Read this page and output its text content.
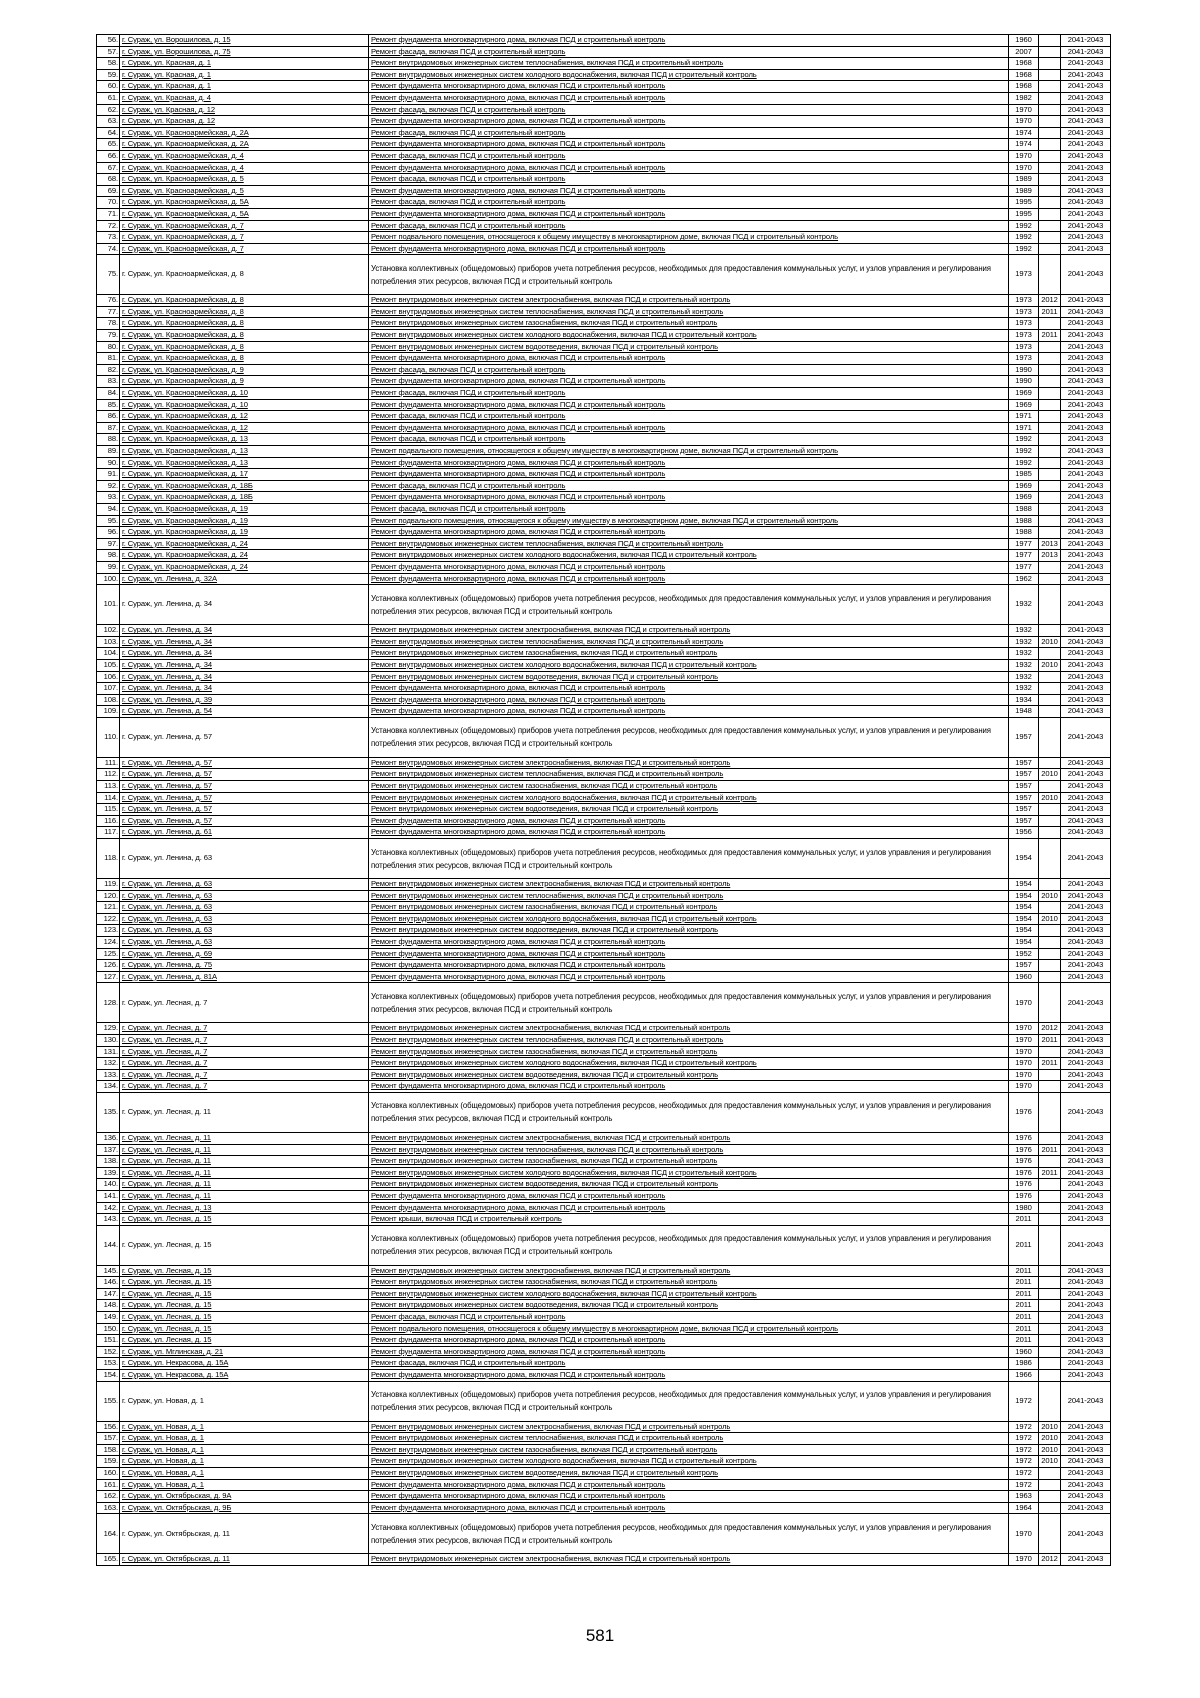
56.	г. Сураж, ул. Ворошилова, д. 15	Ремонт фундамента многоквартирного дома, включая ПСД и строительный контроль	1960		2041-2043	
57.	г. Сураж, ул. Ворошилова, д. 75	Ремонт фасада, включая ПСД и строительный контроль	2007		2041-2043	
58.	г. Сураж, ул. Красная, д. 1	Ремонт внутридомовых инженерных систем теплоснабжения, включая ПСД и строительный контроль	1968		2041-2043	
59.	г. Сураж, ул. Красная, д. 1	Ремонт внутридомовых инженерных систем холодного водоснабжения, включая ПСД и строительный контроль	1968		2041-2043	
60.	г. Сураж, ул. Красная, д. 1	Ремонт фундамента многоквартирного дома, включая ПСД и строительный контроль	1968		2041-2043	
61.	г. Сураж, ул. Красная, д. 4	Ремонт фундамента многоквартирного дома, включая ПСД и строительный контроль	1982		2041-2043	
62.	г. Сураж, ул. Красная, д. 12	Ремонт фасада, включая ПСД и строительный контроль	1970		2041-2043	
63.	г. Сураж, ул. Красная, д. 12	Ремонт фундамента многоквартирного дома, включая ПСД и строительный контроль	1970		2041-2043	
64.	г. Сураж, ул. Красноармейская, д. 2А	Ремонт фасада, включая ПСД и строительный контроль	1974		2041-2043	
65.	г. Сураж, ул. Красноармейская, д. 2А	Ремонт фундамента многоквартирного дома, включая ПСД и строительный контроль	1974		2041-2043	
66.	г. Сураж, ул. Красноармейская, д. 4	Ремонт фасада, включая ПСД и строительный контроль	1970		2041-2043	
67.	г. Сураж, ул. Красноармейская, д. 4	Ремонт фундамента многоквартирного дома, включая ПСД и строительный контроль	1970		2041-2043	
68.	г. Сураж, ул. Красноармейская, д. 5	Ремонт фасада, включая ПСД и строительный контроль	1989		2041-2043	
69.	г. Сураж, ул. Красноармейская, д. 5	Ремонт фундамента многоквартирного дома, включая ПСД и строительный контроль	1989		2041-2043	
70.	г. Сураж, ул. Красноармейская, д. 5А	Ремонт фасада, включая ПСД и строительный контроль	1995		2041-2043	
71.	г. Сураж, ул. Красноармейская, д. 5А	Ремонт фундамента многоквартирного дома, включая ПСД и строительный контроль	1995		2041-2043	
72.	г. Сураж, ул. Красноармейская, д. 7	Ремонт фасада, включая ПСД и строительный контроль	1992		2041-2043	
73.	г. Сураж, ул. Красноармейская, д. 7	Ремонт подвального помещения, относящегося к общему имуществу в многоквартирном доме, включая ПСД и строительный контроль	1992		2041-2043	
74.	г. Сураж, ул. Красноармейская, д. 7	Ремонт фундамента многоквартирного дома, включая ПСД и строительный контроль	1992		2041-2043	
75.	г. Сураж, ул. Красноармейская, д. 8	Установка коллективных (общедомовых) приборов учета потребления ресурсов, необходимых для предоставления коммунальных услуг, и узлов управления и регулирования потребления этих ресурсов, включая ПСД и строительный контроль	1973		2041-2043	
76.	г. Сураж, ул. Красноармейская, д. 8	Ремонт внутридомовых инженерных систем электроснабжения, включая ПСД и строительный контроль	1973	2012	2041-2043	
77.	г. Сураж, ул. Красноармейская, д. 8	Ремонт внутридомовых инженерных систем теплоснабжения, включая ПСД и строительный контроль	1973	2011	2041-2043	
78.	г. Сураж, ул. Красноармейская, д. 8	Ремонт внутридомовых инженерных систем газоснабжения, включая ПСД и строительный контроль	1973		2041-2043	
79.	г. Сураж, ул. Красноармейская, д. 8	Ремонт внутридомовых инженерных систем холодного водоснабжения, включая ПСД и строительный контроль	1973	2011	2041-2043	
80.	г. Сураж, ул. Красноармейская, д. 8	Ремонт внутридомовых инженерных систем водоотведения, включая ПСД и строительный контроль	1973		2041-2043	
81.	г. Сураж, ул. Красноармейская, д. 8	Ремонт фундамента многоквартирного дома, включая ПСД и строительный контроль	1973		2041-2043	
82.	г. Сураж, ул. Красноармейская, д. 9	Ремонт фасада, включая ПСД и строительный контроль	1990		2041-2043	
83.	г. Сураж, ул. Красноармейская, д. 9	Ремонт фундамента многоквартирного дома, включая ПСД и строительный контроль	1990		2041-2043	
84.	г. Сураж, ул. Красноармейская, д. 10	Ремонт фасада, включая ПСД и строительный контроль	1969		2041-2043	
85.	г. Сураж, ул. Красноармейская, д. 10	Ремонт фундамента многоквартирного дома, включая ПСД и строительный контроль	1969		2041-2043	
86.	г. Сураж, ул. Красноармейская, д. 12	Ремонт фасада, включая ПСД и строительный контроль	1971		2041-2043	
87.	г. Сураж, ул. Красноармейская, д. 12	Ремонт фундамента многоквартирного дома, включая ПСД и строительный контроль	1971		2041-2043	
88.	г. Сураж, ул. Красноармейская, д. 13	Ремонт фасада, включая ПСД и строительный контроль	1992		2041-2043	
89.	г. Сураж, ул. Красноармейская, д. 13	Ремонт подвального помещения, относящегося к общему имуществу в многоквартирном доме, включая ПСД и строительный контроль	1992		2041-2043	
90.	г. Сураж, ул. Красноармейская, д. 13	Ремонт фундамента многоквартирного дома, включая ПСД и строительный контроль	1992		2041-2043	
91.	г. Сураж, ул. Красноармейская, д. 17	Ремонт фундамента многоквартирного дома, включая ПСД и строительный контроль	1985		2041-2043	
92.	г. Сураж, ул. Красноармейская, д. 18Б	Ремонт фасада, включая ПСД и строительный контроль	1969		2041-2043	
93.	г. Сураж, ул. Красноармейская, д. 18Б	Ремонт фундамента многоквартирного дома, включая ПСД и строительный контроль	1969		2041-2043	
94.	г. Сураж, ул. Красноармейская, д. 19	Ремонт фасада, включая ПСД и строительный контроль	1988		2041-2043	
95.	г. Сураж, ул. Красноармейская, д. 19	Ремонт подвального помещения, относящегося к общему имуществу в многоквартирном доме, включая ПСД и строительный контроль	1988		2041-2043	
96.	г. Сураж, ул. Красноармейская, д. 19	Ремонт фундамента многоквартирного дома, включая ПСД и строительный контроль	1988		2041-2043	
97.	г. Сураж, ул. Красноармейская, д. 24	Ремонт внутридомовых инженерных систем теплоснабжения, включая ПСД и строительный контроль	1977	2013	2041-2043	
98.	г. Сураж, ул. Красноармейская, д. 24	Ремонт внутридомовых инженерных систем холодного водоснабжения, включая ПСД и строительный контроль	1977	2013	2041-2043	
99.	г. Сураж, ул. Красноармейская, д. 24	Ремонт фундамента многоквартирного дома, включая ПСД и строительный контроль	1977		2041-2043	
100.	г. Сураж, ул. Ленина, д. 32А	Ремонт фундамента многоквартирного дома, включая ПСД и строительный контроль	1962		2041-2043	
101.	г. Сураж, ул. Ленина, д. 34	Установка коллективных (общедомовых) приборов учета потребления ресурсов, необходимых для предоставления коммунальных услуг, и узлов управления и регулирования потребления этих ресурсов, включая ПСД и строительный контроль	1932		2041-2043	
102.	г. Сураж, ул. Ленина, д. 34	Ремонт внутридомовых инженерных систем электроснабжения, включая ПСД и строительный контроль	1932		2041-2043	
103.	г. Сураж, ул. Ленина, д. 34	Ремонт внутридомовых инженерных систем теплоснабжения, включая ПСД и строительный контроль	1932	2010	2041-2043	
104.	г. Сураж, ул. Ленина, д. 34	Ремонт внутридомовых инженерных систем газоснабжения, включая ПСД и строительный контроль	1932		2041-2043	
105.	г. Сураж, ул. Ленина, д. 34	Ремонт внутридомовых инженерных систем холодного водоснабжения, включая ПСД и строительный контроль	1932	2010	2041-2043	
106.	г. Сураж, ул. Ленина, д. 34	Ремонт внутридомовых инженерных систем водоотведения, включая ПСД и строительный контроль	1932		2041-2043	
107.	г. Сураж, ул. Ленина, д. 34	Ремонт фундамента многоквартирного дома, включая ПСД и строительный контроль	1932		2041-2043	
108.	г. Сураж, ул. Ленина, д. 39	Ремонт фундамента многоквартирного дома, включая ПСД и строительный контроль	1934		2041-2043	
109.	г. Сураж, ул. Ленина, д. 54	Ремонт фундамента многоквартирного дома, включая ПСД и строительный контроль	1948		2041-2043	
110.	г. Сураж, ул. Ленина, д. 57	Установка коллективных (общедомовых) приборов учета потребления ресурсов, необходимых для предоставления коммунальных услуг, и узлов управления и регулирования потребления этих ресурсов, включая ПСД и строительный контроль	1957		2041-2043	
111.	г. Сураж, ул. Ленина, д. 57	Ремонт внутридомовых инженерных систем электроснабжения, включая ПСД и строительный контроль	1957		2041-2043	
112.	г. Сураж, ул. Ленина, д. 57	Ремонт внутридомовых инженерных систем теплоснабжения, включая ПСД и строительный контроль	1957	2010	2041-2043	
113.	г. Сураж, ул. Ленина, д. 57	Ремонт внутридомовых инженерных систем газоснабжения, включая ПСД и строительный контроль	1957		2041-2043	
114.	г. Сураж, ул. Ленина, д. 57	Ремонт внутридомовых инженерных систем холодного водоснабжения, включая ПСД и строительный контроль	1957	2010	2041-2043	
115.	г. Сураж, ул. Ленина, д. 57	Ремонт внутридомовых инженерных систем водоотведения, включая ПСД и строительный контроль	1957		2041-2043	
116.	г. Сураж, ул. Ленина, д. 57	Ремонт фундамента многоквартирного дома, включая ПСД и строительный контроль	1957		2041-2043	
117.	г. Сураж, ул. Ленина, д. 61	Ремонт фундамента многоквартирного дома, включая ПСД и строительный контроль	1956		2041-2043	
118.	г. Сураж, ул. Ленина, д. 63	Установка коллективных (общедомовых) приборов учета потребления ресурсов, необходимых для предоставления коммунальных услуг, и узлов управления и регулирования потребления этих ресурсов, включая ПСД и строительный контроль	1954		2041-2043	
119.	г. Сураж, ул. Ленина, д. 63	Ремонт внутридомовых инженерных систем электроснабжения, включая ПСД и строительный контроль	1954		2041-2043	
120.	г. Сураж, ул. Ленина, д. 63	Ремонт внутридомовых инженерных систем теплоснабжения, включая ПСД и строительный контроль	1954	2010	2041-2043	
121.	г. Сураж, ул. Ленина, д. 63	Ремонт внутридомовых инженерных систем газоснабжения, включая ПСД и строительный контроль	1954		2041-2043	
122.	г. Сураж, ул. Ленина, д. 63	Ремонт внутридомовых инженерных систем холодного водоснабжения, включая ПСД и строительный контроль	1954	2010	2041-2043	
123.	г. Сураж, ул. Ленина, д. 63	Ремонт внутридомовых инженерных систем водоотведения, включая ПСД и строительный контроль	1954		2041-2043	
124.	г. Сураж, ул. Ленина, д. 63	Ремонт фундамента многоквартирного дома, включая ПСД и строительный контроль	1954		2041-2043	
125.	г. Сураж, ул. Ленина, д. 69	Ремонт фундамента многоквартирного дома, включая ПСД и строительный контроль	1952		2041-2043	
126.	г. Сураж, ул. Ленина, д. 75	Ремонт фундамента многоквартирного дома, включая ПСД и строительный контроль	1957		2041-2043	
127.	г. Сураж, ул. Ленина, д. 81А	Ремонт фундамента многоквартирного дома, включая ПСД и строительный контроль	1960		2041-2043	
128.	г. Сураж, ул. Лесная, д. 7	Установка коллективных (общедомовых) приборов учета потребления ресурсов, необходимых для предоставления коммунальных услуг, и узлов управления и регулирования потребления этих ресурсов, включая ПСД и строительный контроль	1970		2041-2043	
129.	г. Сураж, ул. Лесная, д. 7	Ремонт внутридомовых инженерных систем электроснабжения, включая ПСД и строительный контроль	1970	2012	2041-2043	
130.	г. Сураж, ул. Лесная, д. 7	Ремонт внутридомовых инженерных систем теплоснабжения, включая ПСД и строительный контроль	1970	2011	2041-2043	
131.	г. Сураж, ул. Лесная, д. 7	Ремонт внутридомовых инженерных систем газоснабжения, включая ПСД и строительный контроль	1970		2041-2043	
132.	г. Сураж, ул. Лесная, д. 7	Ремонт внутридомовых инженерных систем холодного водоснабжения, включая ПСД и строительный контроль	1970	2011	2041-2043	
133.	г. Сураж, ул. Лесная, д. 7	Ремонт внутридомовых инженерных систем водоотведения, включая ПСД и строительный контроль	1970		2041-2043	
134.	г. Сураж, ул. Лесная, д. 7	Ремонт фундамента многоквартирного дома, включая ПСД и строительный контроль	1970		2041-2043	
135.	г. Сураж, ул. Лесная, д. 11	Установка коллективных (общедомовых) приборов учета потребления ресурсов, необходимых для предоставления коммунальных услуг, и узлов управления и регулирования потребления этих ресурсов, включая ПСД и строительный контроль	1976		2041-2043	
136.	г. Сураж, ул. Лесная, д. 11	Ремонт внутридомовых инженерных систем электроснабжения, включая ПСД и строительный контроль	1976		2041-2043	
137.	г. Сураж, ул. Лесная, д. 11	Ремонт внутридомовых инженерных систем теплоснабжения, включая ПСД и строительный контроль	1976	2011	2041-2043	
138.	г. Сураж, ул. Лесная, д. 11	Ремонт внутридомовых инженерных систем газоснабжения, включая ПСД и строительный контроль	1976		2041-2043	
139.	г. Сураж, ул. Лесная, д. 11	Ремонт внутридомовых инженерных систем холодного водоснабжения, включая ПСД и строительный контроль	1976	2011	2041-2043	
140.	г. Сураж, ул. Лесная, д. 11	Ремонт внутридомовых инженерных систем водоотведения, включая ПСД и строительный контроль	1976		2041-2043	
141.	г. Сураж, ул. Лесная, д. 11	Ремонт фундамента многоквартирного дома, включая ПСД и строительный контроль	1976		2041-2043	
142.	г. Сураж, ул. Лесная, д. 13	Ремонт фундамента многоквартирного дома, включая ПСД и строительный контроль	1980		2041-2043	
143.	г. Сураж, ул. Лесная, д. 15	Ремонт крыши, включая ПСД и строительный контроль	2011		2041-2043	
144.	г. Сураж, ул. Лесная, д. 15	Установка коллективных (общедомовых) приборов учета потребления ресурсов, необходимых для предоставления коммунальных услуг, и узлов управления и регулирования потребления этих ресурсов, включая ПСД и строительный контроль	2011		2041-2043	
145.	г. Сураж, ул. Лесная, д. 15	Ремонт внутридомовых инженерных систем электроснабжения, включая ПСД и строительный контроль	2011		2041-2043	
146.	г. Сураж, ул. Лесная, д. 15	Ремонт внутридомовых инженерных систем газоснабжения, включая ПСД и строительный контроль	2011		2041-2043	
147.	г. Сураж, ул. Лесная, д. 15	Ремонт внутридомовых инженерных систем холодного водоснабжения, включая ПСД и строительный контроль	2011		2041-2043	
148.	г. Сураж, ул. Лесная, д. 15	Ремонт внутридомовых инженерных систем водоотведения, включая ПСД и строительный контроль	2011		2041-2043	
149.	г. Сураж, ул. Лесная, д. 15	Ремонт фасада, включая ПСД и строительный контроль	2011		2041-2043	
150.	г. Сураж, ул. Лесная, д. 15	Ремонт подвального помещения, относящегося к общему имуществу в многоквартирном доме, включая ПСД и строительный контроль	2011		2041-2043	
151.	г. Сураж, ул. Лесная, д. 15	Ремонт фундамента многоквартирного дома, включая ПСД и строительный контроль	2011		2041-2043	
152.	г. Сураж, ул. Мглинская, д. 21	Ремонт фундамента многоквартирного дома, включая ПСД и строительный контроль	1960		2041-2043	
153.	г. Сураж, ул. Некрасова, д. 15А	Ремонт фасада, включая ПСД и строительный контроль	1986		2041-2043	
154.	г. Сураж, ул. Некрасова, д. 15А	Ремонт фундамента многоквартирного дома, включая ПСД и строительный контроль	1966		2041-2043	
155.	г. Сураж, ул. Новая, д. 1	Установка коллективных (общедомовых) приборов учета потребления ресурсов, необходимых для предоставления коммунальных услуг, и узлов управления и регулирования потребления этих ресурсов, включая ПСД и строительный контроль	1972		2041-2043	
156.	г. Сураж, ул. Новая, д. 1	Ремонт внутридомовых инженерных систем электроснабжения, включая ПСД и строительный контроль	1972	2010	2041-2043	
157.	г. Сураж, ул. Новая, д. 1	Ремонт внутридомовых инженерных систем теплоснабжения, включая ПСД и строительный контроль	1972	2010	2041-2043	
158.	г. Сураж, ул. Новая, д. 1	Ремонт внутридомовых инженерных систем газоснабжения, включая ПСД и строительный контроль	1972	2010	2041-2043	
159.	г. Сураж, ул. Новая, д. 1	Ремонт внутридомовых инженерных систем холодного водоснабжения, включая ПСД и строительный контроль	1972	2010	2041-2043	
160.	г. Сураж, ул. Новая, д. 1	Ремонт внутридомовых инженерных систем водоотведения, включая ПСД и строительный контроль	1972		2041-2043	
161.	г. Сураж, ул. Новая, д. 1	Ремонт фундамента многоквартирного дома, включая ПСД и строительный контроль	1972		2041-2043	
162.	г. Сураж, ул. Октябрьская, д. 9А	Ремонт фундамента многоквартирного дома, включая ПСД и строительный контроль	1963		2041-2043	
163.	г. Сураж, ул. Октябрьская, д. 9Б	Ремонт фундамента многоквартирного дома, включая ПСД и строительный контроль	1964		2041-2043	
164.	г. Сураж, ул. Октябрьская, д. 11	Установка коллективных (общедомовых) приборов учета потребления ресурсов, необходимых для предоставления коммунальных услуг, и узлов управления и регулирования потребления этих ресурсов, включая ПСД и строительный контроль	1970		2041-2043	
165.	г. Сураж, ул. Октябрьская, д. 11	Ремонт внутридомовых инженерных систем электроснабжения, включая ПСД и строительный контроль	1970	2012	2041-2043	
581
